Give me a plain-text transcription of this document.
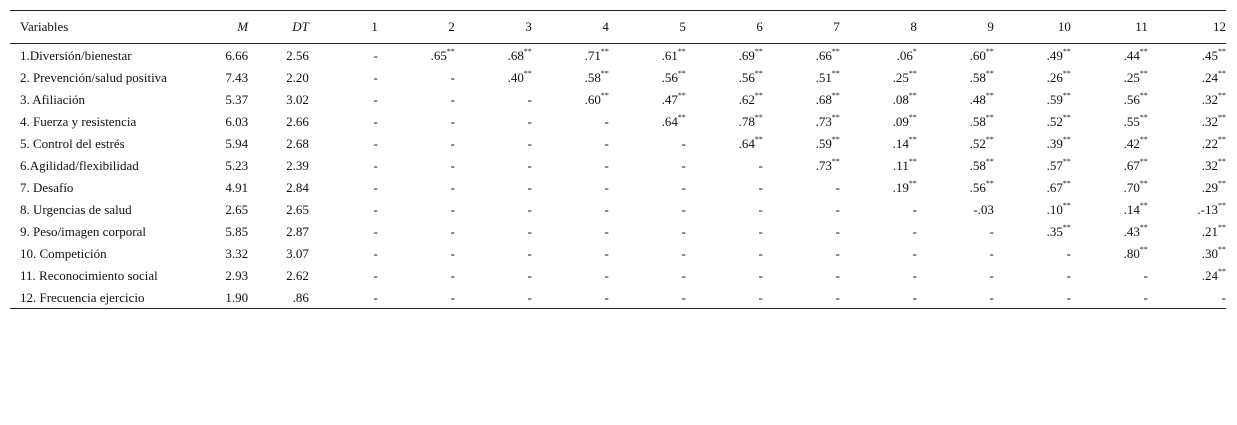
Variables	M	DT	1	2	3	4	5	6	7	8	9	10	11	12
1.Diversión/bienestar	6.66	2.56	-	.65**	.68**	.71**	.61**	.69**	.66**	.06*	.60**	.49**	.44**	.45**
2. Prevención/salud positiva	7.43	2.20	-	-	.40**	.58**	.56**	.56**	.51**	.25**	.58**	.26**	.25**	.24**
3. Afiliación	5.37	3.02	-	-	-	.60**	.47**	.62**	.68**	.08**	.48**	.59**	.56**	.32**
4. Fuerza y resistencia	6.03	2.66	-	-	-	-	.64**	.78**	.73**	.09**	.58**	.52**	.55**	.32**
5. Control del estrés	5.94	2.68	-	-	-	-	-	.64**	.59**	.14**	.52**	.39**	.42**	.22**
6.Agilidad/flexibilidad	5.23	2.39	-	-	-	-	-	-	.73**	.11**	.58**	.57**	.67**	.32**
7. Desafío	4.91	2.84	-	-	-	-	-	-	-	.19**	.56**	.67**	.70**	.29**
8. Urgencias de salud	2.65	2.65	-	-	-	-	-	-	-	-	-.03	.10**	.14**	.-13**
9. Peso/imagen corporal	5.85	2.87	-	-	-	-	-	-	-	-	-	.35**	.43**	.21**
10. Competición	3.32	3.07	-	-	-	-	-	-	-	-	-	-	.80**	.30**
11. Reconocimiento social	2.93	2.62	-	-	-	-	-	-	-	-	-	-	-	.24**
12. Frecuencia ejercicio	1.90	.86	-	-	-	-	-	-	-	-	-	-	-	-
